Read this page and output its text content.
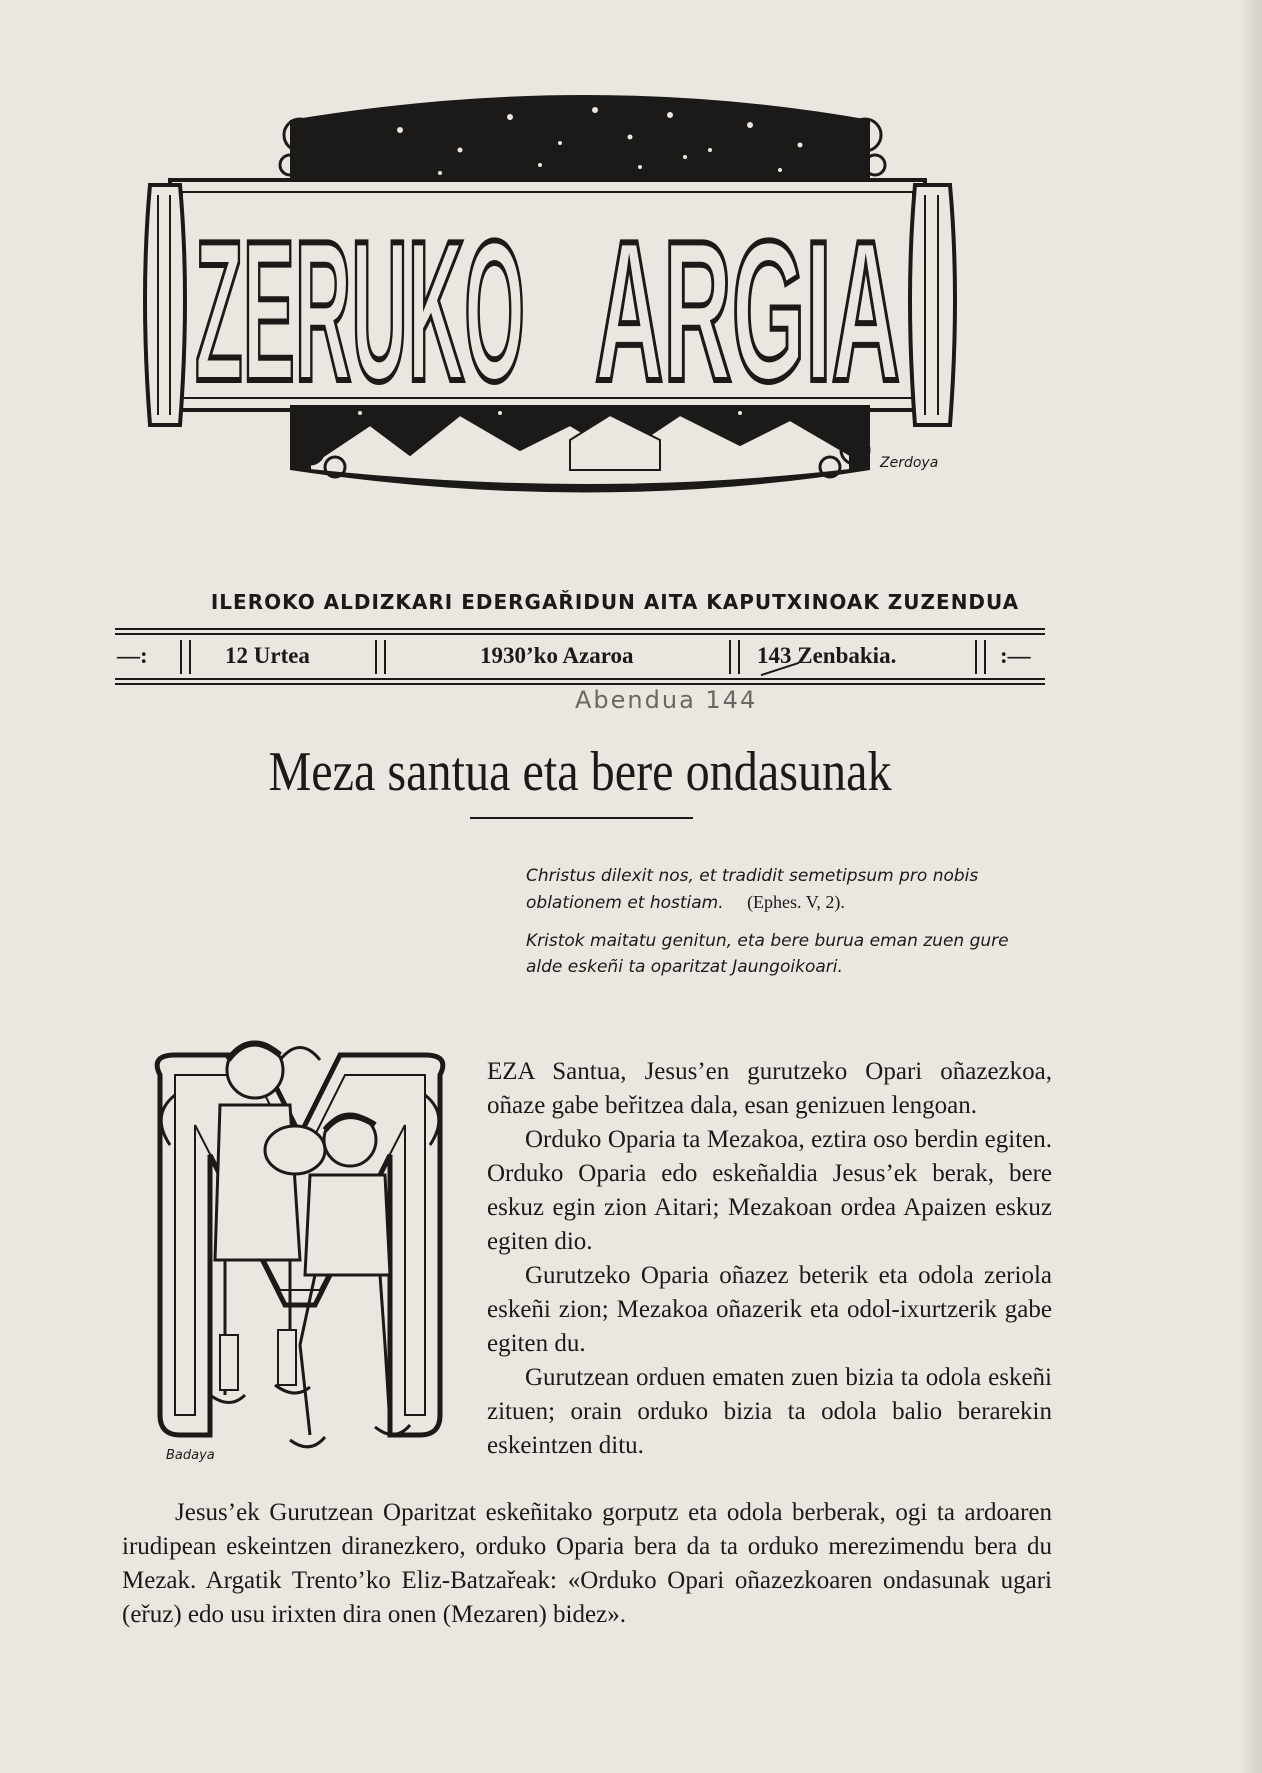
ZERUKO ARGIA
Zerdoya
ILEROKO ALDIZKARI EDERGAŘIDUN AITA KAPUTXINOAK ZUZENDUA
—:	12 Urtea	1930’ko Azaroa	143 Zenbakia.	:—
Abendua 144
Meza santua eta bere ondasunak

Christus dilexit nos, et tradidit semetipsum pro nobis oblationem et hostiam. (Ephes. V, 2).

Kristok maitatu genitun, eta bere burua eman zuen gure alde eskeñi ta oparitzat Jaungoikoari.

Badaya

EZA Santua, Jesus’en gurutzeko Opari oñazezkoa, oñaze gabe beřitzea dala, esan genizuen lengoan.

Orduko Oparia ta Mezakoa, eztira oso berdin egiten. Orduko Oparia edo eskeñaldia Jesus’ek berak, bere eskuz egin zion Aitari; Mezakoan ordea Apaizen eskuz egiten dio.

Gurutzeko Oparia oñazez beterik eta odola zeriola eskeñi zion; Mezakoa oñazerik eta odol-ixurtzerik gabe egiten du.

Gurutzean orduen ematen zuen bizia ta odola eskeñi zituen; orain orduko bizia ta odola balio berarekin eskeintzen ditu.

Jesus’ek Gurutzean Oparitzat eskeñitako gorputz eta odola berberak, ogi ta ardoaren irudipean eskeintzen diranezkero, orduko Oparia bera da ta orduko merezimendu bera du Mezak. Argatik Trento’ko Eliz-Batzařeak: «Orduko Opari oñazezkoaren ondasunak ugari (eřuz) edo usu irixten dira onen (Mezaren) bidez».
